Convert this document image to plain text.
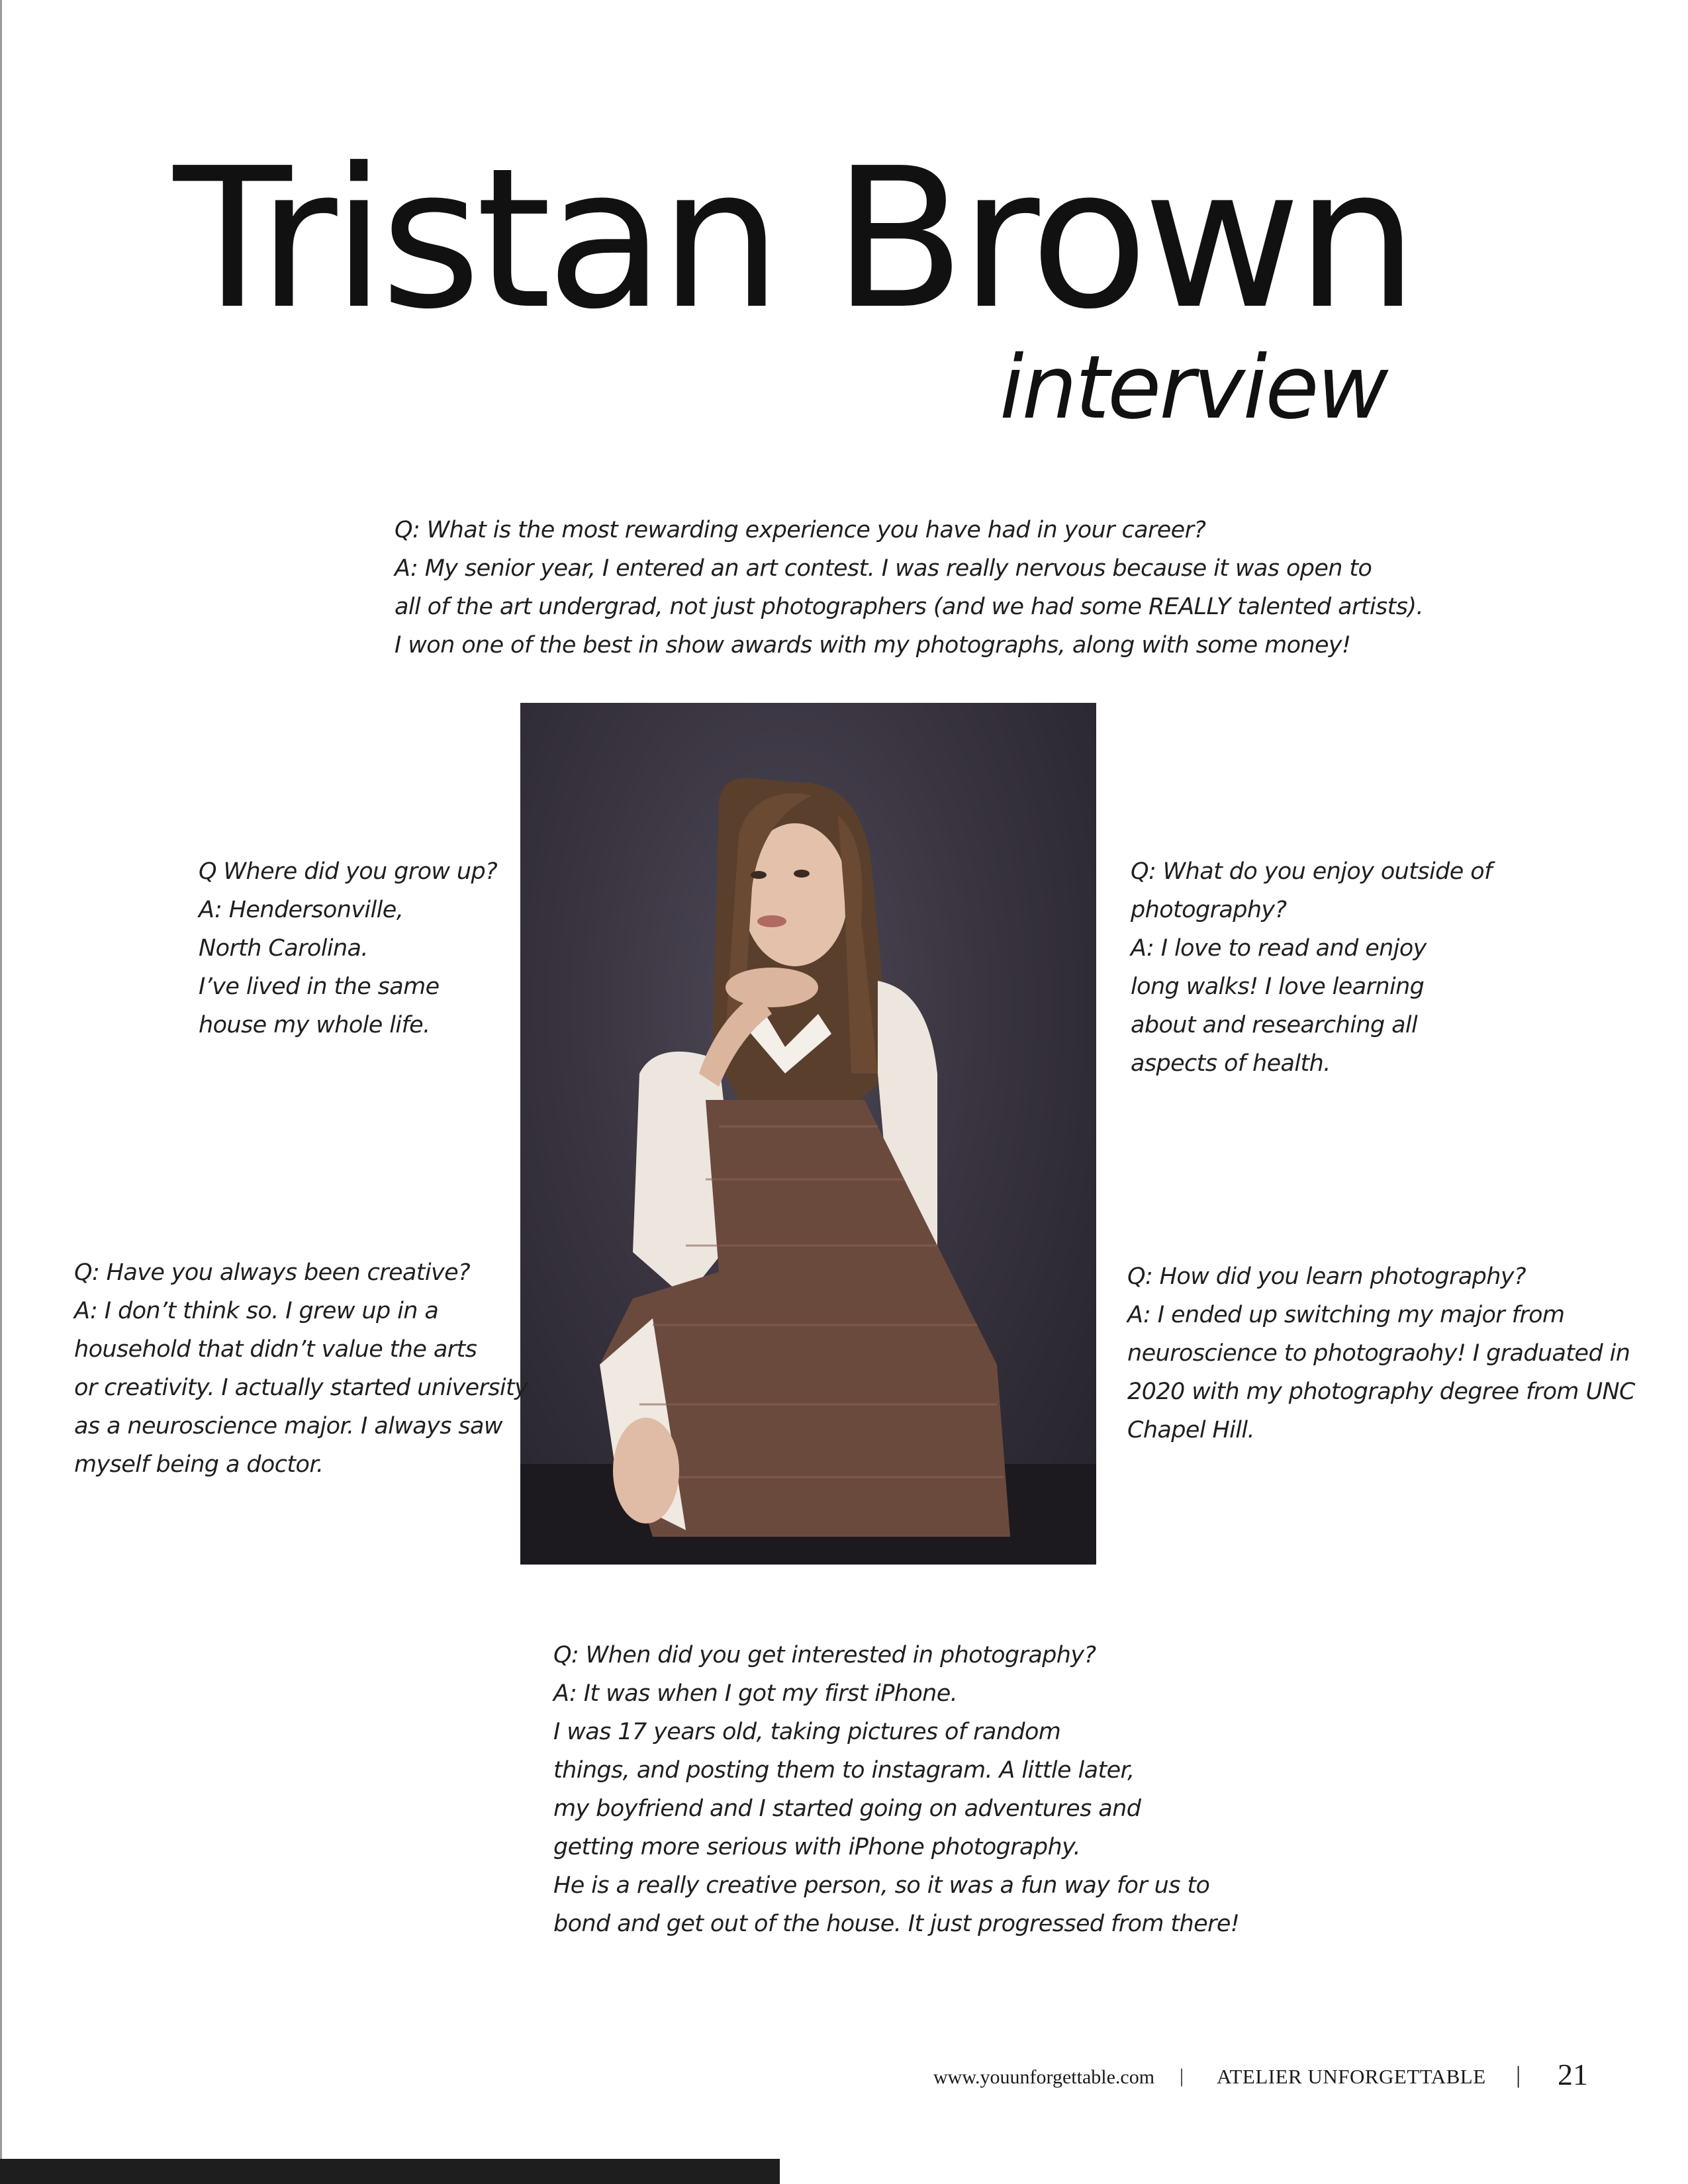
Tristan Brown
interview
Q: What is the most rewarding experience you have had in your career?
A: My senior year, I entered an art contest. I was really nervous because it was open to
all of the art undergrad, not just photographers (and we had some REALLY talented artists).
I won one of the best in show awards with my photographs, along with some money!
Q Where did you grow up?
A: Hendersonville,
North Carolina.
I’ve lived in the same
house my whole life.
Q: What do you enjoy outside of
photography?
A: I love to read and enjoy
long walks! I love learning
about and researching all
aspects of health.
Q: Have you always been creative?
A: I don’t think so. I grew up in a
household that didn’t value the arts
or creativity. I actually started university
as a neuroscience major. I always saw
myself being a doctor.
Q: How did you learn photography?
A: I ended up switching my major from
neuroscience to photograohy! I graduated in
2020 with my photography degree from UNC
Chapel Hill.
Q: When did you get interested in photography?
A: It was when I got my first iPhone.
I was 17 years old, taking pictures of random
things, and posting them to instagram. A little later,
my boyfriend and I started going on adventures and
getting more serious with iPhone photography.
He is a really creative person, so it was a fun way for us to
bond and get out of the house. It just progressed from there!
www.youunforgettable.com | ATELIER UNFORGETTABLE | 21
